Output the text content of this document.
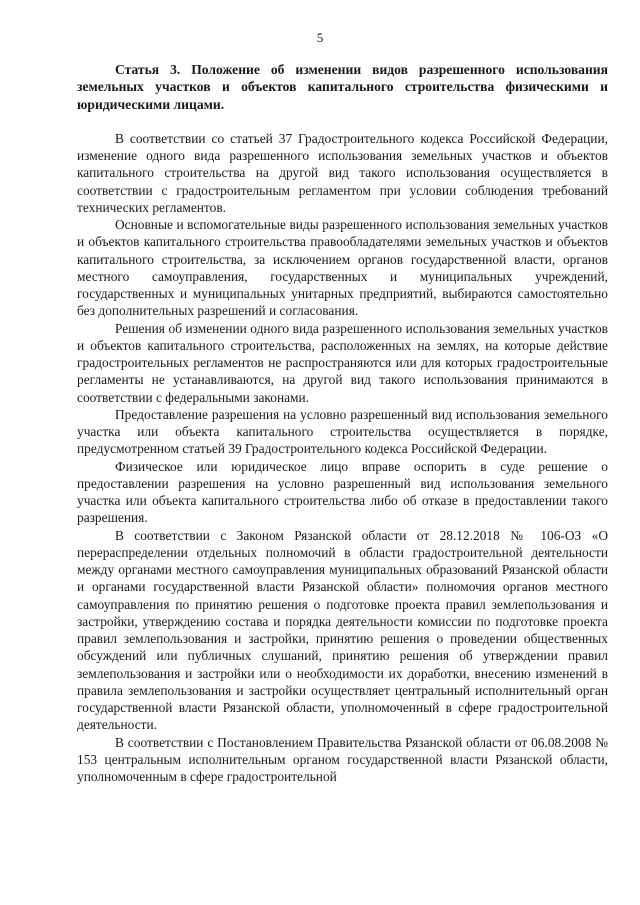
5

Статья 3. Положение об изменении видов разрешенного использования земельных участков и объектов капитального строительства физическими и юридическими лицами.

В соответствии со статьей 37 Градостроительного кодекса Российской Федерации, изменение одного вида разрешенного использования земельных участков и объектов капитального строительства на другой вид такого использования осуществляется в соответствии с градостроительным регламентом при условии соблюдения требований технических регламентов.

Основные и вспомогательные виды разрешенного использования земельных участков и объектов капитального строительства правообладателями земельных участков и объектов капитального строительства, за исключением органов государственной власти, органов местного самоуправления, государственных и муниципальных учреждений, государственных и муниципальных унитарных предприятий, выбираются самостоятельно без дополнительных разрешений и согласования.

Решения об изменении одного вида разрешенного использования земельных участков и объектов капитального строительства, расположенных на землях, на которые действие градостроительных регламентов не распространяются или для которых градостроительные регламенты не устанавливаются, на другой вид такого использования принимаются в соответствии с федеральными законами.

Предоставление разрешения на условно разрешенный вид использования земельного участка или объекта капитального строительства осуществляется в порядке, предусмотренном статьей 39 Градостроительного кодекса Российской Федерации.

Физическое или юридическое лицо вправе оспорить в суде решение о предоставлении разрешения на условно разрешенный вид использования земельного участка или объекта капитального строительства либо об отказе в предоставлении такого разрешения.

В соответствии с Законом Рязанской области от 28.12.2018 № 106-ОЗ «О перераспределении отдельных полномочий в области градостроительной деятельности между органами местного самоуправления муниципальных образований Рязанской области и органами государственной власти Рязанской области» полномочия органов местного самоуправления по принятию решения о подготовке проекта правил землепользования и застройки, утверждению состава и порядка деятельности комиссии по подготовке проекта правил землепользования и застройки, принятию решения о проведении общественных обсуждений или публичных слушаний, принятию решения об утверждении правил землепользования и застройки или о необходимости их доработки, внесению изменений в правила землепользования и застройки осуществляет центральный исполнительный орган государственной власти Рязанской области, уполномоченный в сфере градостроительной деятельности.

В соответствии с Постановлением Правительства Рязанской области от 06.08.2008 № 153 центральным исполнительным органом государственной власти Рязанской области, уполномоченным в сфере градостроительной
